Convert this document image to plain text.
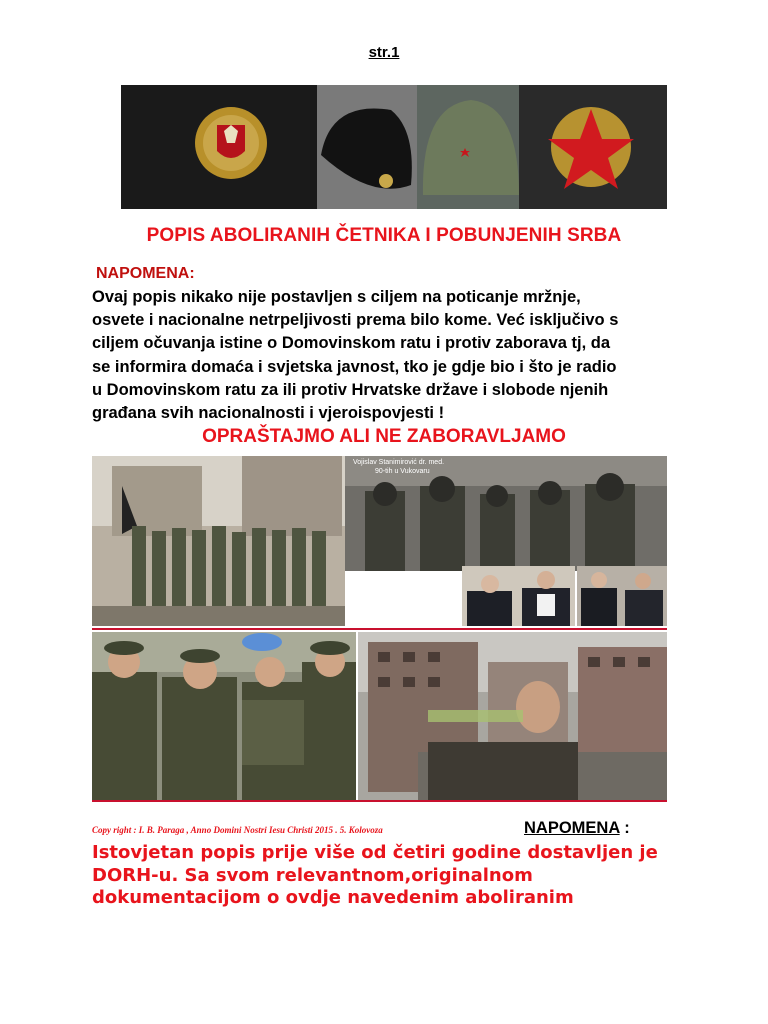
str.1
POPIS ABOLIRANIH ČETNIKA I POBUNJENIH SRBA
NAPOMENA:
Ovaj popis nikako nije postavljen s ciljem na poticanje mržnje,
osvete i nacionalne netrpeljivosti prema bilo kome. Već isključivo s
ciljem očuvanja istine o Domovinskom ratu i protiv zaborava tj, da
se informira domaća i svjetska javnost, tko je gdje bio i što je radio
u Domovinskom ratu za ili protiv Hrvatske države i slobode njenih
građana svih nacionalnosti i vjeroispovjesti !
OPRAŠTAJMO ALI NE ZABORAVLJAMO
Vojislav Stanimirović dr. med.
90-tih u Vukovaru
Copy right : I. B. Paraga , Anno Domini Nostri Iesu Christi 2015 . 5. Kolovoza	NAPOMENA :
Istovjetan popis prije više od četiri godine dostavljen je
DORH-u. Sa svom relevantnom,originalnom
dokumentacijom o ovdje navedenim aboliranim
